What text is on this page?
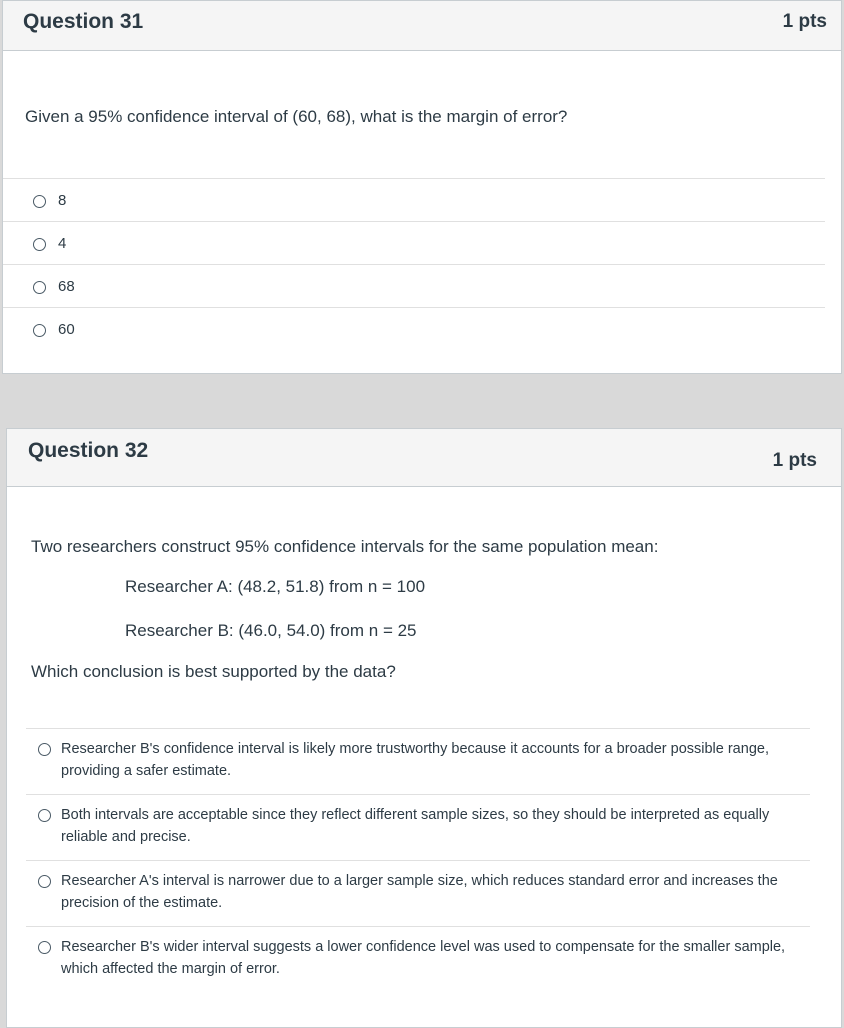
Question 31	1 pts
Given a 95% confidence interval of (60, 68), what is the margin of error?
8
4
68
60
Question 32	1 pts
Two researchers construct 95% confidence intervals for the same population mean:
Researcher A: (48.2, 51.8) from n = 100
Researcher B: (46.0, 54.0) from n = 25
Which conclusion is best supported by the data?
Researcher B's confidence interval is likely more trustworthy because it accounts for a broader possible range, providing a safer estimate.
Both intervals are acceptable since they reflect different sample sizes, so they should be interpreted as equally reliable and precise.
Researcher A's interval is narrower due to a larger sample size, which reduces standard error and increases the precision of the estimate.
Researcher B's wider interval suggests a lower confidence level was used to compensate for the smaller sample, which affected the margin of error.
